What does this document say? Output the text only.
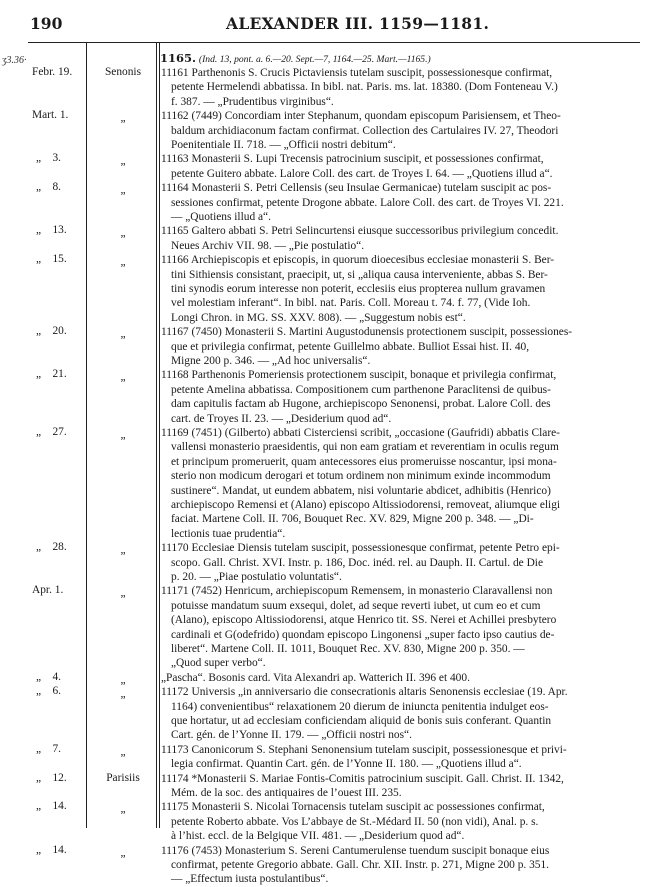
190	ALEXANDER III. 1159—1181.
ʒ3.36·	1165. (Ind. 13, pont. a. 6.—20. Sept.—7, 1164.—25. Mart.—1165.)
Febr. 19.	Senonis	11161 Parthenonis S. Crucis Pictaviensis tutelam suscipit, possessionesque confirmat,
petente Hermelendi abbatissa. In bibl. nat. Paris. ms. lat. 18380. (Dom Fonteneau V.)
f. 387. — „Prudentibus virginibus“.
Mart. 1.	„	11162 (7449) Concordiam inter Stephanum, quondam episcopum Parisiensem, et Theo-
baldum archidiaconum factam confirmat. Collection des Cartulaires IV. 27, Theodori
Poenitentiale II. 718. — „Officii nostri debitum“.
„    3.	„	11163 Monasterii S. Lupi Trecensis patrocinium suscipit, et possessiones confirmat,
petente Guitero abbate. Lalore Coll. des cart. de Troyes I. 64. — „Quotiens illud a“.
„    8.	„	11164 Monasterii S. Petri Cellensis (seu Insulae Germanicae) tutelam suscipit ac pos-
sessiones confirmat, petente Drogone abbate. Lalore Coll. des cart. de Troyes VI. 221.
— „Quotiens illud a“.
„    13.	„	11165 Galtero abbati S. Petri Selincurtensi eiusque successoribus privilegium concedit.
Neues Archiv VII. 98. — „Pie postulatio“.
„    15.	„	11166 Archiepiscopis et episcopis, in quorum dioecesibus ecclesiae monasterii S. Ber-
tini Sithiensis consistant, praecipit, ut, si „aliqua causa interveniente, abbas S. Ber-
tini synodis eorum interesse non poterit, ecclesiis eius propterea nullum gravamen
vel molestiam inferant“. In bibl. nat. Paris. Coll. Moreau t. 74. f. 77, (Vide Ioh.
Longi Chron. in MG. SS. XXV. 808). — „Suggestum nobis est“.
„    20.	„	11167 (7450) Monasterii S. Martini Augustodunensis protectionem suscipit, possessiones-
que et privilegia confirmat, petente Guillelmo abbate. Bulliot Essai hist. II. 40,
Migne 200 p. 346. — „Ad hoc universalis“.
„    21.	„	11168 Parthenonis Pomeriensis protectionem suscipit, bonaque et privilegia confirmat,
petente Amelina abbatissa. Compositionem cum parthenone Paraclitensi de quibus-
dam capitulis factam ab Hugone, archiepiscopo Senonensi, probat. Lalore Coll. des
cart. de Troyes II. 23. — „Desiderium quod ad“.
„    27.	„	11169 (7451) (Gilberto) abbati Cisterciensi scribit, „occasione (Gaufridi) abbatis Clare-
vallensi monasterio praesidentis, qui non eam gratiam et reverentiam in oculis regum
et principum promeruerit, quam antecessores eius promeruisse noscantur, ipsi mona-
sterio non modicum derogari et totum ordinem non minimum exinde incommodum
sustinere“. Mandat, ut eundem abbatem, nisi voluntarie abdicet, adhibitis (Henrico)
archiepiscopo Remensi et (Alano) episcopo Altissiodorensi, removeat, aliumque eligi
faciat. Martene Coll. II. 706, Bouquet Rec. XV. 829, Migne 200 p. 348. — „Di-
lectionis tuae prudentia“.
„    28.	„	11170 Ecclesiae Diensis tutelam suscipit, possessionesque confirmat, petente Petro epi-
scopo. Gall. Christ. XVI. Instr. p. 186, Doc. inéd. rel. au Dauph. II. Cartul. de Die
p. 20. — „Piae postulatio voluntatis“.
Apr. 1.	„	11171 (7452) Henricum, archiepiscopum Remensem, in monasterio Claravallensi non
potuisse mandatum suum exsequi, dolet, ad seque reverti iubet, ut cum eo et cum
(Alano), episcopo Altissiodorensi, atque Henrico tit. SS. Nerei et Achillei presbytero
cardinali et G(odefrido) quondam episcopo Lingonensi „super facto ipso cautius de-
liberet“. Martene Coll. II. 1011, Bouquet Rec. XV. 830, Migne 200 p. 350. —
„Quod super verbo“.
„    4.	„	„Pascha“. Bosonis card. Vita Alexandri ap. Watterich II. 396 et 400.
„    6.	„	11172 Universis „in anniversario die consecrationis altaris Senonensis ecclesiae (19. Apr.
1164) convenientibus“ relaxationem 20 dierum de iniuncta penitentia indulget eos-
que hortatur, ut ad ecclesiam conficiendam aliquid de bonis suis conferant. Quantin
Cart. gén. de l’Yonne II. 179. — „Officii nostri nos“.
„    7.	„	11173 Canonicorum S. Stephani Senonensium tutelam suscipit, possessionesque et privi-
legia confirmat. Quantin Cart. gén. de l’Yonne II. 180. — „Quotiens illud a“.
„    12.	Parisiis	11174 *Monasterii S. Mariae Fontis-Comitis patrocinium suscipit. Gall. Christ. II. 1342,
Mém. de la soc. des antiquaires de l’ouest III. 235.
„    14.	„	11175 Monasterii S. Nicolai Tornacensis tutelam suscipit ac possessiones confirmat,
petente Roberto abbate. Vos L’abbaye de St.-Médard II. 50 (non vidi), Anal. p. s.
à l’hist. eccl. de la Belgique VII. 481. — „Desiderium quod ad“.
„    14.	„	11176 (7453) Monasterium S. Sereni Cantumerulense tuendum suscipit bonaque eius
confirmat, petente Gregorio abbate. Gall. Chr. XII. Instr. p. 271, Migne 200 p. 351.
— „Effectum iusta postulantibus“.
